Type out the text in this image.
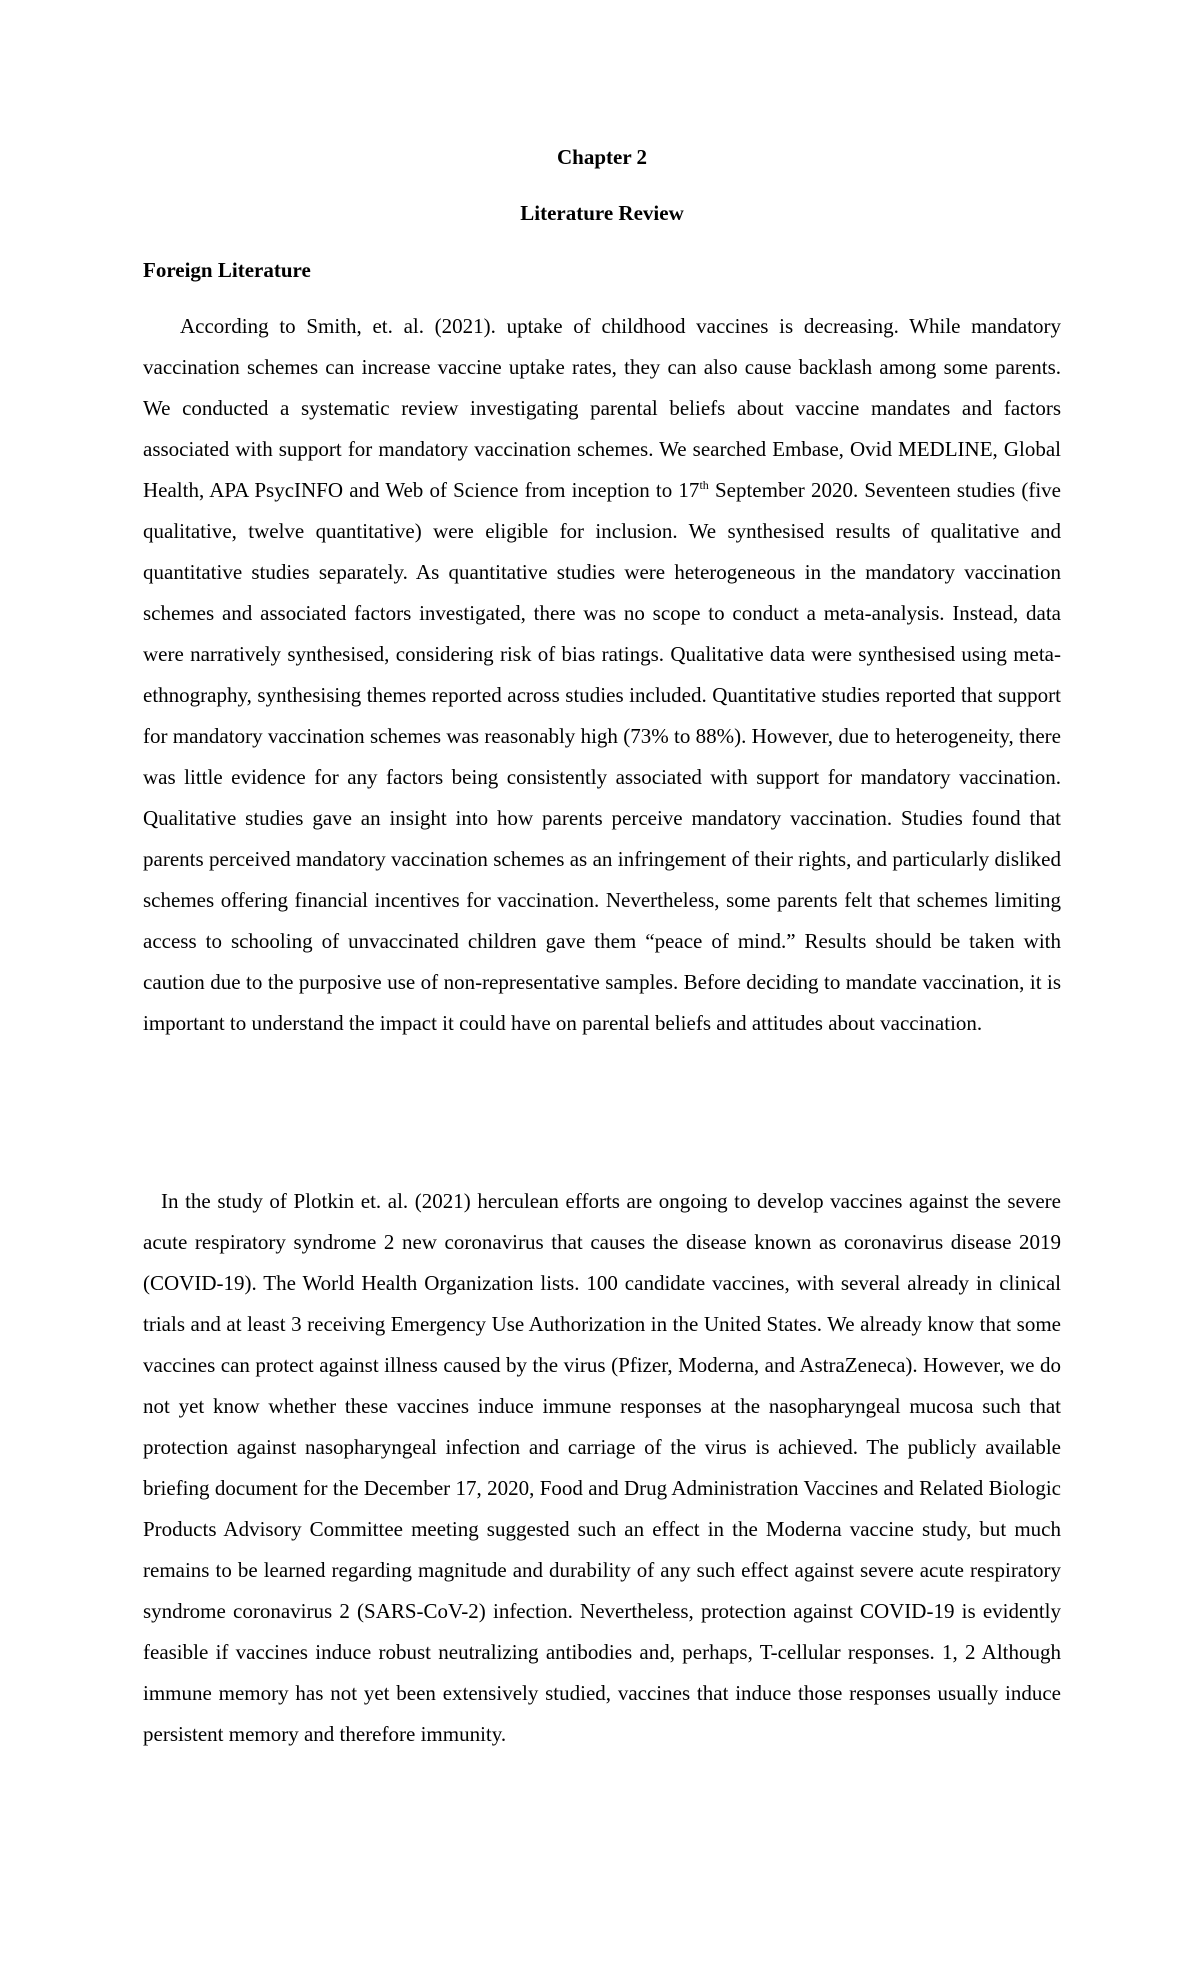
Chapter 2
Literature Review
Foreign Literature

According to Smith, et. al. (2021). uptake of childhood vaccines is decreasing. While mandatory vaccination schemes can increase vaccine uptake rates, they can also cause backlash among some parents. We conducted a systematic review investigating parental beliefs about vaccine mandates and factors associated with support for mandatory vaccination schemes. We searched Embase, Ovid MEDLINE, Global Health, APA PsycINFO and Web of Science from inception to 17th September 2020. Seventeen studies (five qualitative, twelve quantitative) were eligible for inclusion. We synthesised results of qualitative and quantitative studies separately. As quantitative studies were heterogeneous in the mandatory vaccination schemes and associated factors investigated, there was no scope to conduct a meta-analysis. Instead, data were narratively synthesised, considering risk of bias ratings. Qualitative data were synthesised using meta-ethnography, synthesising themes reported across studies included. Quantitative studies reported that support for mandatory vaccination schemes was reasonably high (73% to 88%). However, due to heterogeneity, there was little evidence for any factors being consistently associated with support for mandatory vaccination. Qualitative studies gave an insight into how parents perceive mandatory vaccination. Studies found that parents perceived mandatory vaccination schemes as an infringement of their rights, and particularly disliked schemes offering financial incentives for vaccination. Nevertheless, some parents felt that schemes limiting access to schooling of unvaccinated children gave them “peace of mind.” Results should be taken with caution due to the purposive use of non-representative samples. Before deciding to mandate vaccination, it is important to understand the impact it could have on parental beliefs and attitudes about vaccination.

In the study of Plotkin et. al. (2021) herculean efforts are ongoing to develop vaccines against the severe acute respiratory syndrome 2 new coronavirus that causes the disease known as coronavirus disease 2019 (COVID-19). The World Health Organization lists. 100 candidate vaccines, with several already in clinical trials and at least 3 receiving Emergency Use Authorization in the United States. We already know that some vaccines can protect against illness caused by the virus (Pfizer, Moderna, and AstraZeneca). However, we do not yet know whether these vaccines induce immune responses at the nasopharyngeal mucosa such that protection against nasopharyngeal infection and carriage of the virus is achieved. The publicly available briefing document for the December 17, 2020, Food and Drug Administration Vaccines and Related Biologic Products Advisory Committee meeting suggested such an effect in the Moderna vaccine study, but much remains to be learned regarding magnitude and durability of any such effect against severe acute respiratory syndrome coronavirus 2 (SARS-CoV-2) infection. Nevertheless, protection against COVID-19 is evidently feasible if vaccines induce robust neutralizing antibodies and, perhaps, T-cellular responses. 1, 2 Although immune memory has not yet been extensively studied, vaccines that induce those responses usually induce persistent memory and therefore immunity.
